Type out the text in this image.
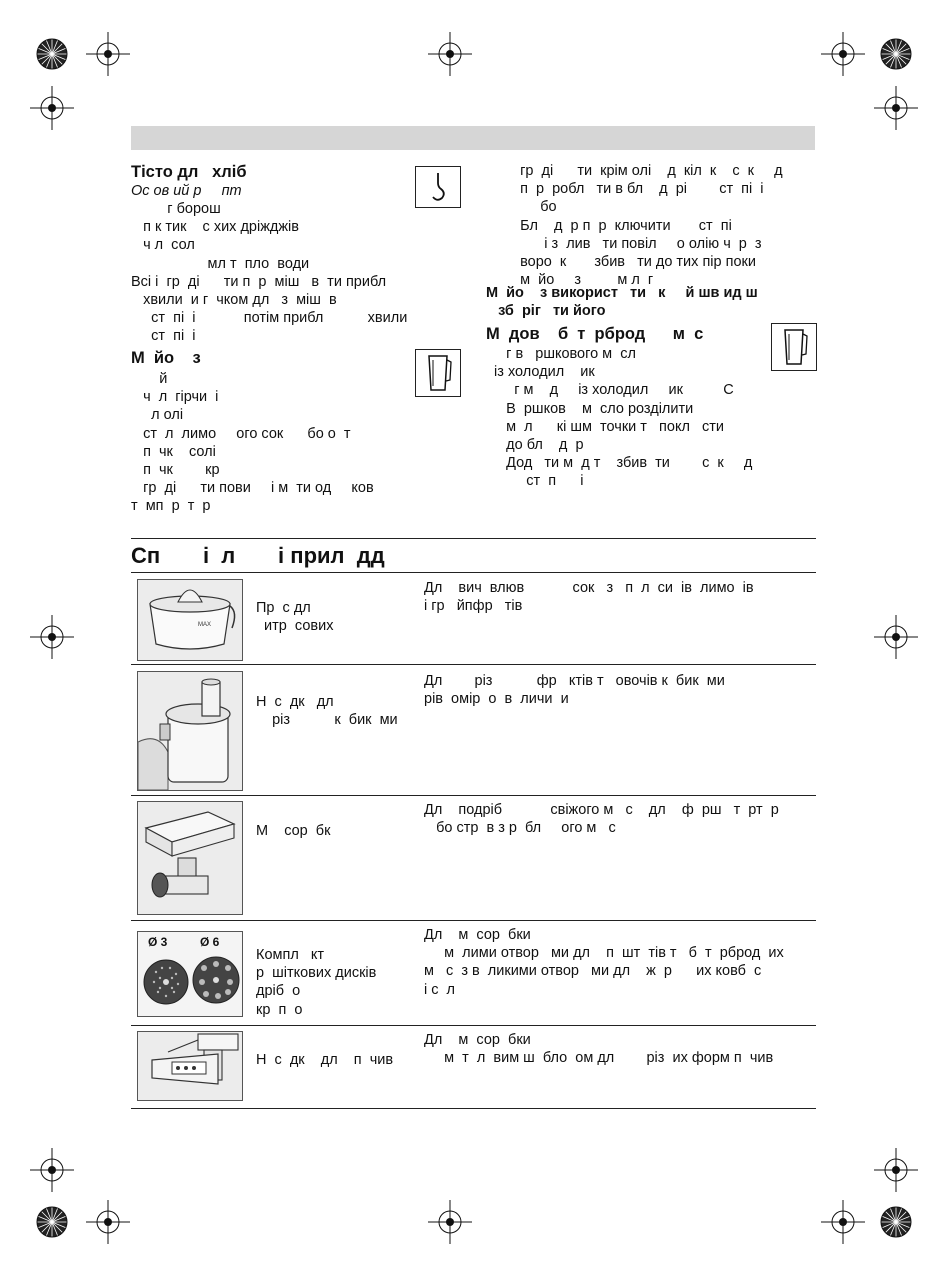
Тісто дл   хліб
Ос ов ий р     пт
г борош
п к тик    с хих дріжджів
ч л  сол
мл т  пло  води
Всі і  гр  ді      ти п  р  міш   в  ти прибл
хвили  и г  чком дл   з  міш  в
ст  пі  і            потім прибл           хвили
ст  пі  і
М  йо    з
й
ч  л  гірчи  і
л олі
ст  л  лимо     ого сок      бо о  т
п  чк    солі
п  чк        кр
гр  ді      ти пови     і м  ти од     ков
т  мп  р  т  р
гр  ді      ти  крім олі    д  кіл  к    с  к     д
п  р  робл   ти в бл    д  рі        ст  пі  і
бо
Бл    д  р п  р  ключити       ст  пі
і з  лив   ти повіл     о олію ч  р  з
воро  к       збив   ти до тих пір поки
м  йо     з         м л  г
М  йо    з використ   ти   к     й шв ид ш
зб  ріг   ти його
М  дов    б  т  рброд      м  с
г в   ршкового м  сл
із холодил    ик
г м    д     із холодил     ик          С
В  ршков    м  сло розділити
м  л      кі шм  точки т   покл   сти
до бл    д  р
Дод   ти м  д т    збив  ти        с  к     д
ст  п      і
Сп       і  л       і прил  дд
MAX
Пр  с дл
итр  сових
Дл    вич  влюв            сок   з   п  л  си  ів  лимо  ів
і гр   йпфр   тів
Н  с  дк   дл
різ           к  бик  ми
Дл        різ           фр   ктів т   овочів к  бик  ми
рів  омір  о  в  личи  и
М    сор  бк
Дл    подріб            свіжого м   с    дл    ф  рш   т  рт  р
бо стр  в з р  бл     ого м   с
Ø 3	Ø 6
Компл   кт
р  шіткових дисків
дріб  о
кр  п  о
Дл    м  сор  бки
м  лими отвор   ми дл    п  шт  тів т   б  т  рброд  их
м   с  з в  ликими отвор   ми дл    ж  р      их ковб  с
і с  л
Н  с  дк    дл    п  чив
Дл    м  сор  бки
м  т  л  вим ш  бло  ом дл        різ  их форм п  чив
